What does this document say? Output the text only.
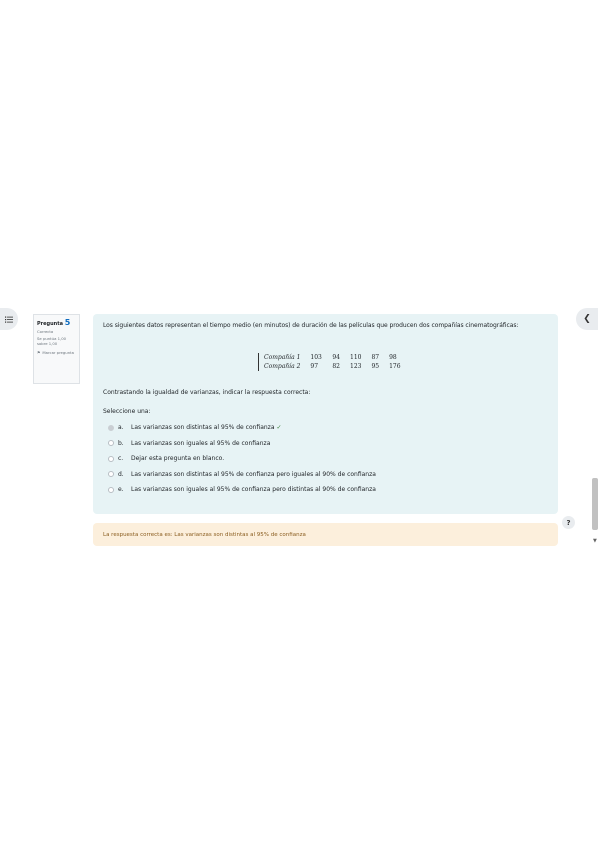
❮
▼
Pregunta 5
Correcta
Se puntúa 1,00 sobre 1,00
⚑ Marcar pregunta
Los siguientes datos representan el tiempo medio (en minutos) de duración de las películas que producen dos compañías cinematográficas:
Compañía 1	103	94	110	87	98
Compañía 2	97	82	123	95	176
Contrastando la igualdad de varianzas, indicar la respuesta correcta:
Seleccione una:
a.	Las varianzas son distintas al 95% de confianza ✓
b.	Las varianzas son iguales al 95% de confianza
c.	Dejar esta pregunta en blanco.
d.	Las varianzas son distintas al 95% de confianza pero iguales al 90% de confianza
e.	Las varianzas son iguales al 95% de confianza pero distintas al 90% de confianza
?
La respuesta correcta es: Las varianzas son distintas al 95% de confianza
